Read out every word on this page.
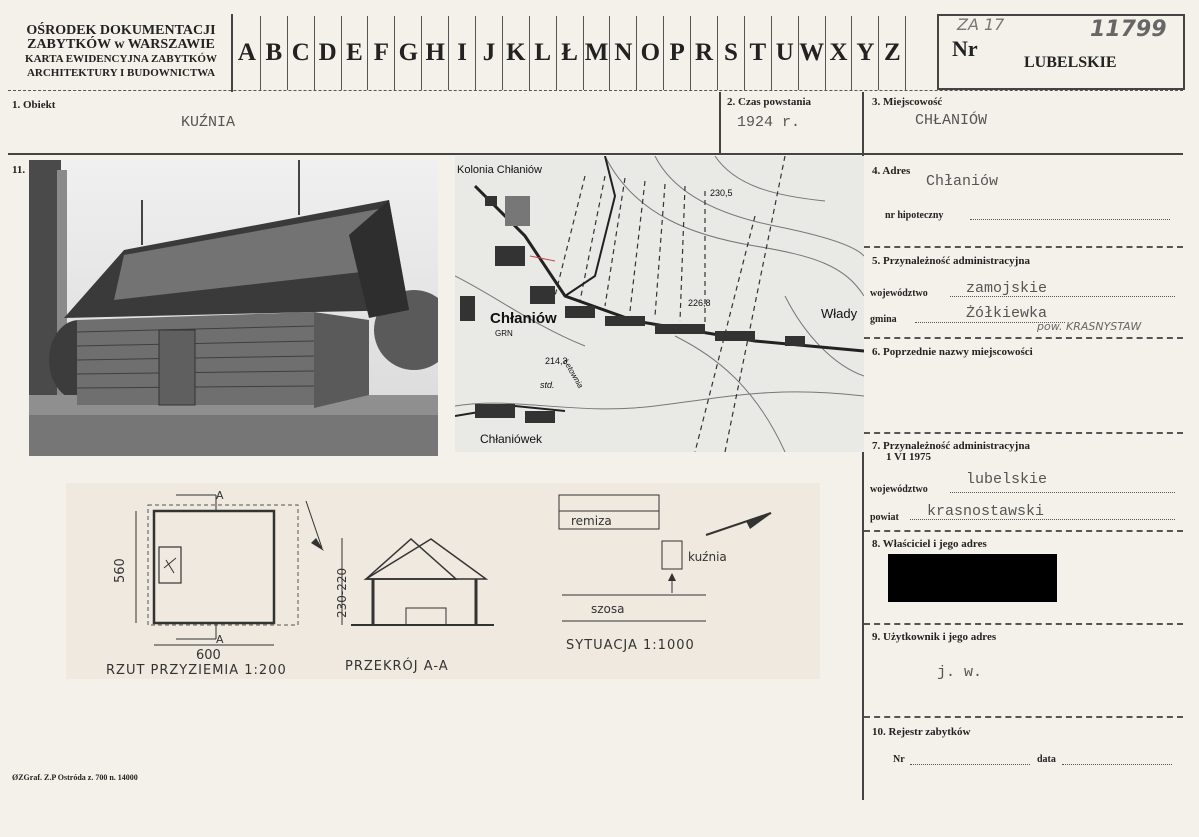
OŚRODEK DOKUMENTACJI
ZABYTKÓW w WARSZAWIE
KARTA EWIDENCYJNA ZABYTKÓW
ARCHITEKTURY I BUDOWNICTWA
A B C D E F G H I J K L Ł M N O P R S T U W X Y Z
ZA 17
Nr
11799
LUBELSKIE
1. Obiekt
KUŹNIA
2. Czas powstania
1924 r.
3. Miejscowość
CHŁANIÓW
11.	Kolonia Chłaniów
Chłaniów
GRN
Chłaniówek
Włady
230,5
226,8
214,3
std. Łetownia
4. Adres
Chłaniów
nr hipoteczny
5. Przynależność administracyjna
województwo	zamojskie
gmina	Żółkiewka
pow. KRASNYSTAW
6. Poprzednie nazwy miejscowości
7. Przynależność administracyjna
1 VI 1975
województwo
lubelskie
powiat krasnostawski
8. Właściciel i jego adres
9. Użytkownik i jego adres
j. w.
10. Rejestr zabytków
Nr	data
ØZGraf. Z.P Ostróda z. 700 n. 14000
A
A
600
560	230-220
remiza
kuźnia
szosa
RZUT PRZYZIEMIA 1:200	PRZEKRÓJ A-A
SYTUACJA 1:1000
